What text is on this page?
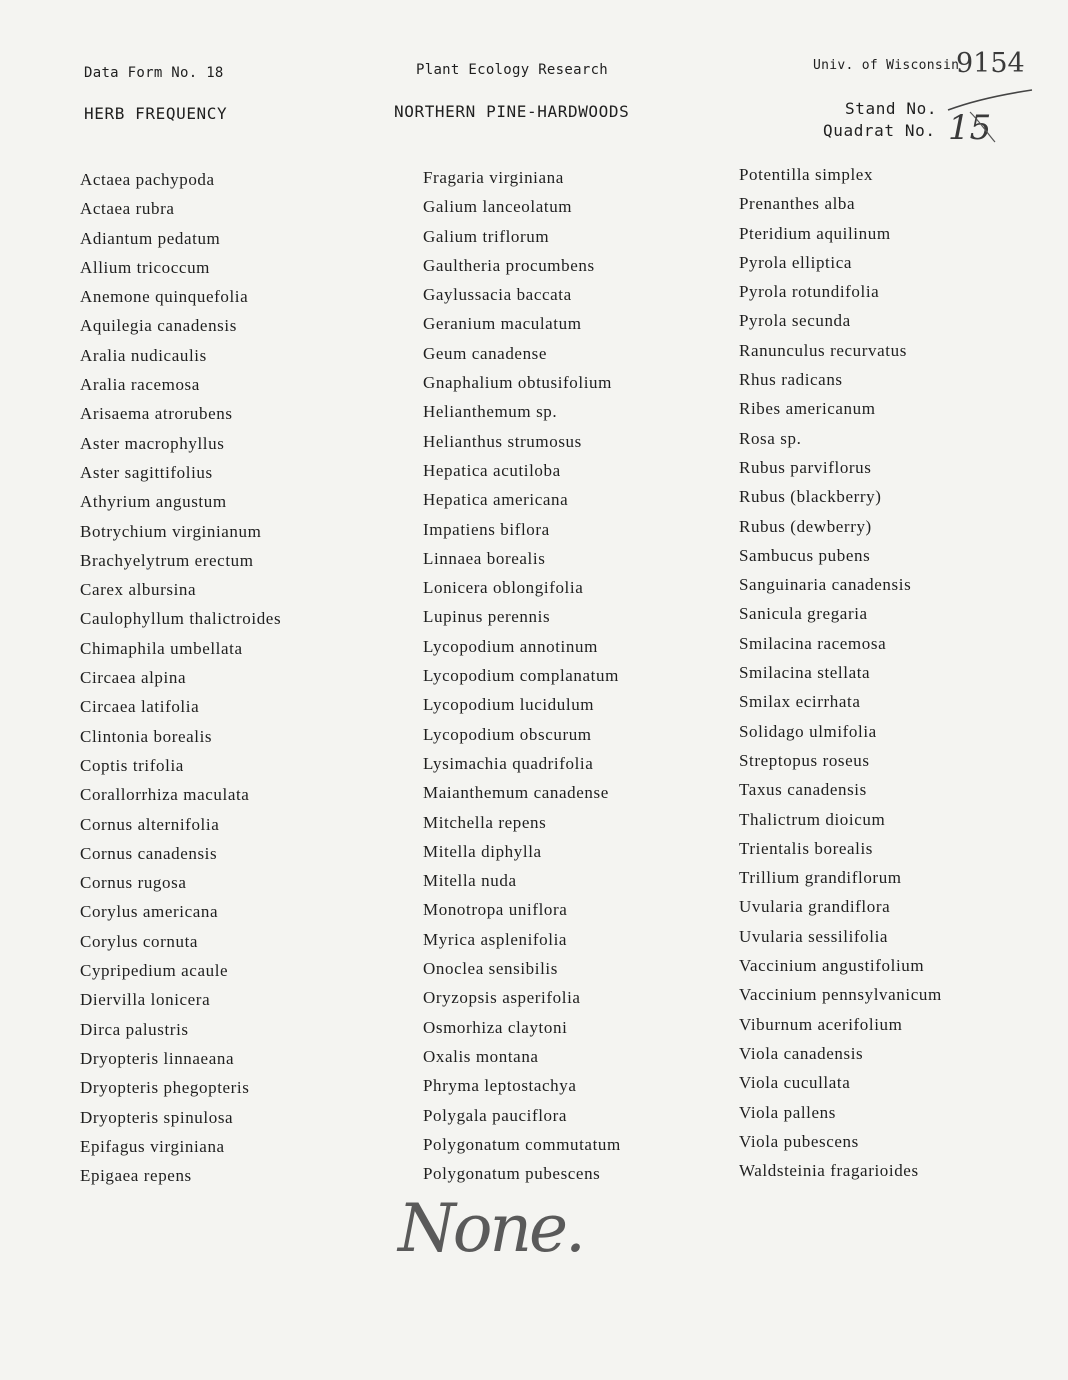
Data Form No. 18	Plant Ecology Research	Univ. of Wisconsin
9154
HERB FREQUENCY	NORTHERN PINE-HARDWOODS	Stand No.
Quadrat No. 15
Actaea pachypoda
Actaea rubra
Adiantum pedatum
Allium tricoccum
Anemone quinquefolia
Aquilegia canadensis
Aralia nudicaulis
Aralia racemosa
Arisaema atrorubens
Aster macrophyllus
Aster sagittifolius
Athyrium angustum
Botrychium virginianum
Brachyelytrum erectum
Carex albursina
Caulophyllum thalictroides
Chimaphila umbellata
Circaea alpina
Circaea latifolia
Clintonia borealis
Coptis trifolia
Corallorrhiza maculata
Cornus alternifolia
Cornus canadensis
Cornus rugosa
Corylus americana
Corylus cornuta
Cypripedium acaule
Diervilla lonicera
Dirca palustris
Dryopteris linnaeana
Dryopteris phegopteris
Dryopteris spinulosa
Epifagus virginiana
Epigaea repens
Fragaria virginiana
Galium lanceolatum
Galium triflorum
Gaultheria procumbens
Gaylussacia baccata
Geranium maculatum
Geum canadense
Gnaphalium obtusifolium
Helianthemum sp.
Helianthus strumosus
Hepatica acutiloba
Hepatica americana
Impatiens biflora
Linnaea borealis
Lonicera oblongifolia
Lupinus perennis
Lycopodium annotinum
Lycopodium complanatum
Lycopodium lucidulum
Lycopodium obscurum
Lysimachia quadrifolia
Maianthemum canadense
Mitchella repens
Mitella diphylla
Mitella nuda
Monotropa uniflora
Myrica asplenifolia
Onoclea sensibilis
Oryzopsis asperifolia
Osmorhiza claytoni
Oxalis montana
Phryma leptostachya
Polygala pauciflora
Polygonatum commutatum
Polygonatum pubescens
Potentilla simplex
Prenanthes alba
Pteridium aquilinum
Pyrola elliptica
Pyrola rotundifolia
Pyrola secunda
Ranunculus recurvatus
Rhus radicans
Ribes americanum
Rosa sp.
Rubus parviflorus
Rubus (blackberry)
Rubus (dewberry)
Sambucus pubens
Sanguinaria canadensis
Sanicula gregaria
Smilacina racemosa
Smilacina stellata
Smilax ecirrhata
Solidago ulmifolia
Streptopus roseus
Taxus canadensis
Thalictrum dioicum
Trientalis borealis
Trillium grandiflorum
Uvularia grandiflora
Uvularia sessilifolia
Vaccinium angustifolium
Vaccinium pennsylvanicum
Viburnum acerifolium
Viola canadensis
Viola cucullata
Viola pallens
Viola pubescens
Waldsteinia fragarioides
None.
